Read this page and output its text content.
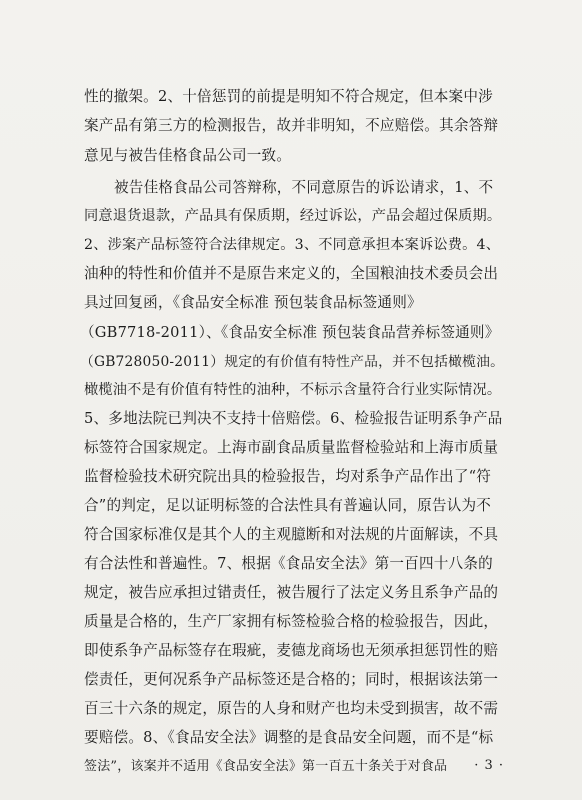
性的撤架。2、十倍惩罚的前提是明知不符合规定，但本案中涉
案产品有第三方的检测报告，故并非明知，不应赔偿。其余答辩
意见与被告佳格食品公司一致。
被告佳格食品公司答辩称，不同意原告的诉讼请求，1、不
同意退货退款，产品具有保质期，经过诉讼，产品会超过保质期。
2、涉案产品标签符合法律规定。3、不同意承担本案诉讼费。4、
油种的特性和价值并不是原告来定义的，全国粮油技术委员会出
具过回复函，《食品安全标准 预包装食品标签通则》
（GB7718-2011）、《食品安全标准 预包装食品营养标签通则》
（GB728050-2011）规定的有价值有特性产品，并不包括橄榄油。
橄榄油不是有价值有特性的油种，不标示含量符合行业实际情况。
5、多地法院已判决不支持十倍赔偿。6、检验报告证明系争产品
标签符合国家规定。上海市副食品质量监督检验站和上海市质量
监督检验技术研究院出具的检验报告，均对系争产品作出了“符
合”的判定，足以证明标签的合法性具有普遍认同，原告认为不
符合国家标准仅是其个人的主观臆断和对法规的片面解读，不具
有合法性和普遍性。7、根据《食品安全法》第一百四十八条的
规定，被告应承担过错责任，被告履行了法定义务且系争产品的
质量是合格的，生产厂家拥有标签检验合格的检验报告，因此，
即使系争产品标签存在瑕疵，麦德龙商场也无须承担惩罚性的赔
偿责任，更何况系争产品标签还是合格的；同时，根据该法第一
百三十六条的规定，原告的人身和财产也均未受到损害，故不需
要赔偿。8、《食品安全法》调整的是食品安全问题，而不是“标
签法”，该案并不适用《食品安全法》第一百五十条关于对食品	· 3 ·
